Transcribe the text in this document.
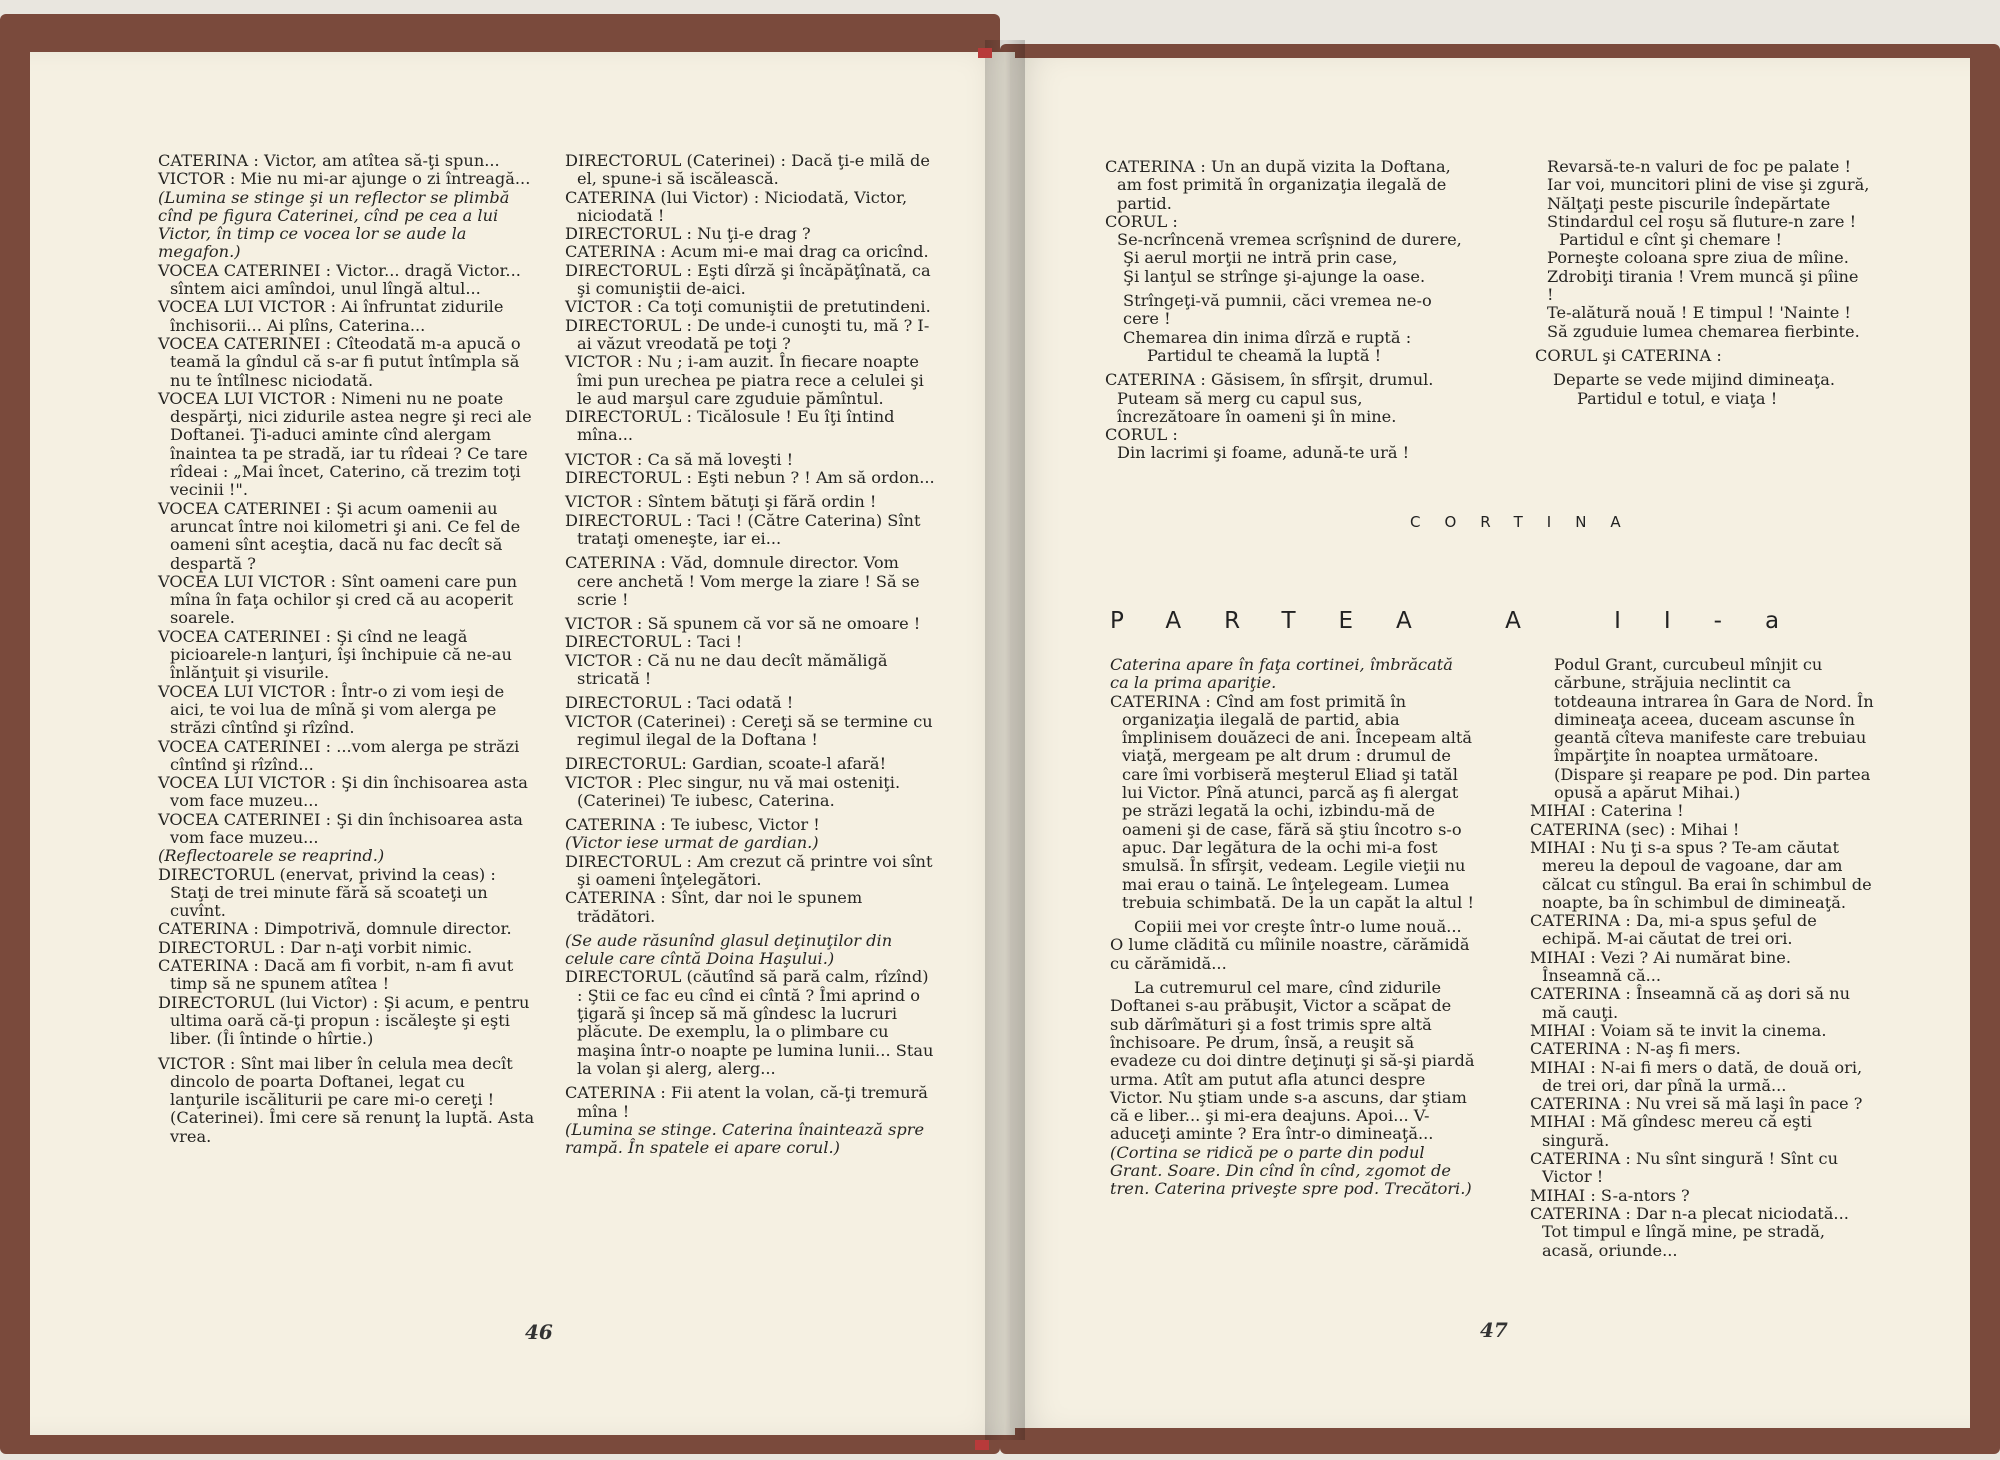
CATERINA : Victor, am atîtea să-ţi spun...

VICTOR : Mie nu mi-ar ajunge o zi întreagă...

(Lumina se stinge şi un reflector se plimbă cînd pe figura Caterinei, cînd pe cea a lui Victor, în timp ce vocea lor se aude la megafon.)

VOCEA CATERINEI : Victor... dragă Victor... sîntem aici amîndoi, unul lîngă altul...

VOCEA LUI VICTOR : Ai înfruntat zidurile închisorii... Ai plîns, Caterina...

VOCEA CATERINEI : Cîteodată m-a apucă o teamă la gîndul că s-ar fi putut întîmpla să nu te întîlnesc niciodată.

VOCEA LUI VICTOR : Nimeni nu ne poate despărţi, nici zidurile astea negre şi reci ale Doftanei. Ţi-aduci aminte cînd alergam înaintea ta pe stradă, iar tu rîdeai ? Ce tare rîdeai : „Mai încet, Caterino, că trezim toţi vecinii !".

VOCEA CATERINEI : Şi acum oamenii au aruncat între noi kilometri şi ani. Ce fel de oameni sînt aceştia, dacă nu fac decît să despartă ?

VOCEA LUI VICTOR : Sînt oameni care pun mîna în faţa ochilor şi cred că au acoperit soarele.

VOCEA CATERINEI : Şi cînd ne leagă picioarele-n lanţuri, îşi închipuie că ne-au înlănţuit şi visurile.

VOCEA LUI VICTOR : Într-o zi vom ieşi de aici, te voi lua de mînă şi vom alerga pe străzi cîntînd şi rîzînd.

VOCEA CATERINEI : ...vom alerga pe străzi cîntînd şi rîzînd...

VOCEA LUI VICTOR : Şi din închisoarea asta vom face muzeu...

VOCEA CATERINEI : Şi din închisoarea asta vom face muzeu...

(Reflectoarele se reaprind.)

DIRECTORUL (enervat, privind la ceas) : Staţi de trei minute fără să scoateţi un cuvînt.

CATERINA : Dimpotrivă, domnule director.

DIRECTORUL : Dar n-aţi vorbit nimic.

CATERINA : Dacă am fi vorbit, n-am fi avut timp să ne spunem atîtea !

DIRECTORUL (lui Victor) : Şi acum, e pentru ultima oară că-ţi propun : iscăleşte şi eşti liber. (Îi întinde o hîrtie.)

VICTOR : Sînt mai liber în celula mea decît dincolo de poarta Doftanei, legat cu lanţurile iscăliturii pe care mi-o cereţi ! (Caterinei). Îmi cere să renunţ la luptă. Asta vrea.

DIRECTORUL (Caterinei) : Dacă ţi-e milă de el, spune-i să iscălească.

CATERINA (lui Victor) : Niciodată, Victor, niciodată !

DIRECTORUL : Nu ţi-e drag ?

CATERINA : Acum mi-e mai drag ca oricînd.

DIRECTORUL : Eşti dîrză şi încăpăţînată, ca şi comuniştii de-aici.

VICTOR : Ca toţi comuniştii de pretutindeni.

DIRECTORUL : De unde-i cunoşti tu, mă ? I-ai văzut vreodată pe toţi ?

VICTOR : Nu ; i-am auzit. În fiecare noapte îmi pun urechea pe piatra rece a celulei şi le aud marşul care zguduie pămîntul.

DIRECTORUL : Ticălosule ! Eu îţi întind mîna...

VICTOR : Ca să mă loveşti !

DIRECTORUL : Eşti nebun ? ! Am să ordon...

VICTOR : Sîntem bătuţi şi fără ordin !

DIRECTORUL : Taci ! (Către Caterina) Sînt trataţi omeneşte, iar ei...

CATERINA : Văd, domnule director. Vom cere anchetă ! Vom merge la ziare ! Să se scrie !

VICTOR : Să spunem că vor să ne omoare !

DIRECTORUL : Taci !

VICTOR : Că nu ne dau decît mămăligă stricată !

DIRECTORUL : Taci odată !

VICTOR (Caterinei) : Cereţi să se termine cu regimul ilegal de la Doftana !

DIRECTORUL: Gardian, scoate-l afară!

VICTOR : Plec singur, nu vă mai osteniţi. (Caterinei) Te iubesc, Caterina.

CATERINA : Te iubesc, Victor !

(Victor iese urmat de gardian.)

DIRECTORUL : Am crezut că printre voi sînt şi oameni înţelegători.

CATERINA : Sînt, dar noi le spunem trădători.

(Se aude răsunînd glasul deţinuţilor din celule care cîntă Doina Haşului.)

DIRECTORUL (căutînd să pară calm, rîzînd) : Ştii ce fac eu cînd ei cîntă ? Îmi aprind o ţigară şi încep să mă gîndesc la lucruri plăcute. De exemplu, la o plimbare cu maşina într-o noapte pe lumina lunii... Stau la volan şi alerg, alerg...

CATERINA : Fii atent la volan, că-ţi tremură mîna !

(Lumina se stinge. Caterina înaintează spre rampă. În spatele ei apare corul.)

46

CATERINA : Un an după vizita la Doftana, am fost primită în organizaţia ilegală de partid.

CORUL :

Se-ncrîncenă vremea scrîşnind de durere,

Şi aerul morţii ne intră prin case,

Şi lanţul se strînge şi-ajunge la oase.

Strîngeţi-vă pumnii, căci vremea ne-o cere !

Chemarea din inima dîrză e ruptă :

Partidul te cheamă la luptă !

CATERINA : Găsisem, în sfîrşit, drumul. Puteam să merg cu capul sus, încrezătoare în oameni şi în mine.

CORUL :

Din lacrimi şi foame, adună-te ură !

Revarsă-te-n valuri de foc pe palate !

Iar voi, muncitori plini de vise şi zgură,

Nălţaţi peste piscurile îndepărtate

Stindardul cel roşu să fluture-n zare !

Partidul e cînt şi chemare !

Porneşte coloana spre ziua de mîine.

Zdrobiţi tirania ! Vrem muncă şi pîine !

Te-alătură nouă ! E timpul ! 'Nainte !

Să zguduie lumea chemarea fierbinte.

CORUL şi CATERINA :

Departe se vede mijind dimineaţa.

Partidul e totul, e viaţa !

CORTINA
PARTEA A II-a

Caterina apare în faţa cortinei, îmbrăcată ca la prima apariţie.

CATERINA : Cînd am fost primită în organizaţia ilegală de partid, abia împlinisem douăzeci de ani. Începeam altă viaţă, mergeam pe alt drum : drumul de care îmi vorbiseră meşterul Eliad şi tatăl lui Victor. Pînă atunci, parcă aş fi alergat pe străzi legată la ochi, izbindu-mă de oameni şi de case, fără să ştiu încotro s-o apuc. Dar legătura de la ochi mi-a fost smulsă. În sfîrşit, vedeam. Legile vieţii nu mai erau o taină. Le înţelegeam. Lumea trebuia schimbată. De la un capăt la altul !

Copiii mei vor creşte într-o lume nouă... O lume clădită cu mîinile noastre, cărămidă cu cărămidă...

La cutremurul cel mare, cînd zidurile Doftanei s-au prăbuşit, Victor a scăpat de sub dărîmături şi a fost trimis spre altă închisoare. Pe drum, însă, a reuşit să evadeze cu doi dintre deţinuţi şi să-şi piardă urma. Atît am putut afla atunci despre Victor. Nu ştiam unde s-a ascuns, dar ştiam că e liber... şi mi-era deajuns. Apoi... V-aduceţi aminte ? Era într-o dimineaţă...

(Cortina se ridică pe o parte din podul Grant. Soare. Din cînd în cînd, zgomot de tren. Caterina priveşte spre pod. Trecători.)

Podul Grant, curcubeul mînjit cu cărbune, străjuia neclintit ca totdeauna intrarea în Gara de Nord. În dimineaţa aceea, duceam ascunse în geantă cîteva manifeste care trebuiau împărţite în noaptea următoare. (Dispare şi reapare pe pod. Din partea opusă a apărut Mihai.)

MIHAI : Caterina !

CATERINA (sec) : Mihai !

MIHAI : Nu ţi s-a spus ? Te-am căutat mereu la depoul de vagoane, dar am călcat cu stîngul. Ba erai în schimbul de noapte, ba în schimbul de dimineaţă.

CATERINA : Da, mi-a spus şeful de echipă. M-ai căutat de trei ori.

MIHAI : Vezi ? Ai numărat bine. Înseamnă că...

CATERINA : Înseamnă că aş dori să nu mă cauţi.

MIHAI : Voiam să te invit la cinema.

CATERINA : N-aş fi mers.

MIHAI : N-ai fi mers o dată, de două ori, de trei ori, dar pînă la urmă...

CATERINA : Nu vrei să mă laşi în pace ?

MIHAI : Mă gîndesc mereu că eşti singură.

CATERINA : Nu sînt singură ! Sînt cu Victor !

MIHAI : S-a-ntors ?

CATERINA : Dar n-a plecat niciodată... Tot timpul e lîngă mine, pe stradă, acasă, oriunde...

47
